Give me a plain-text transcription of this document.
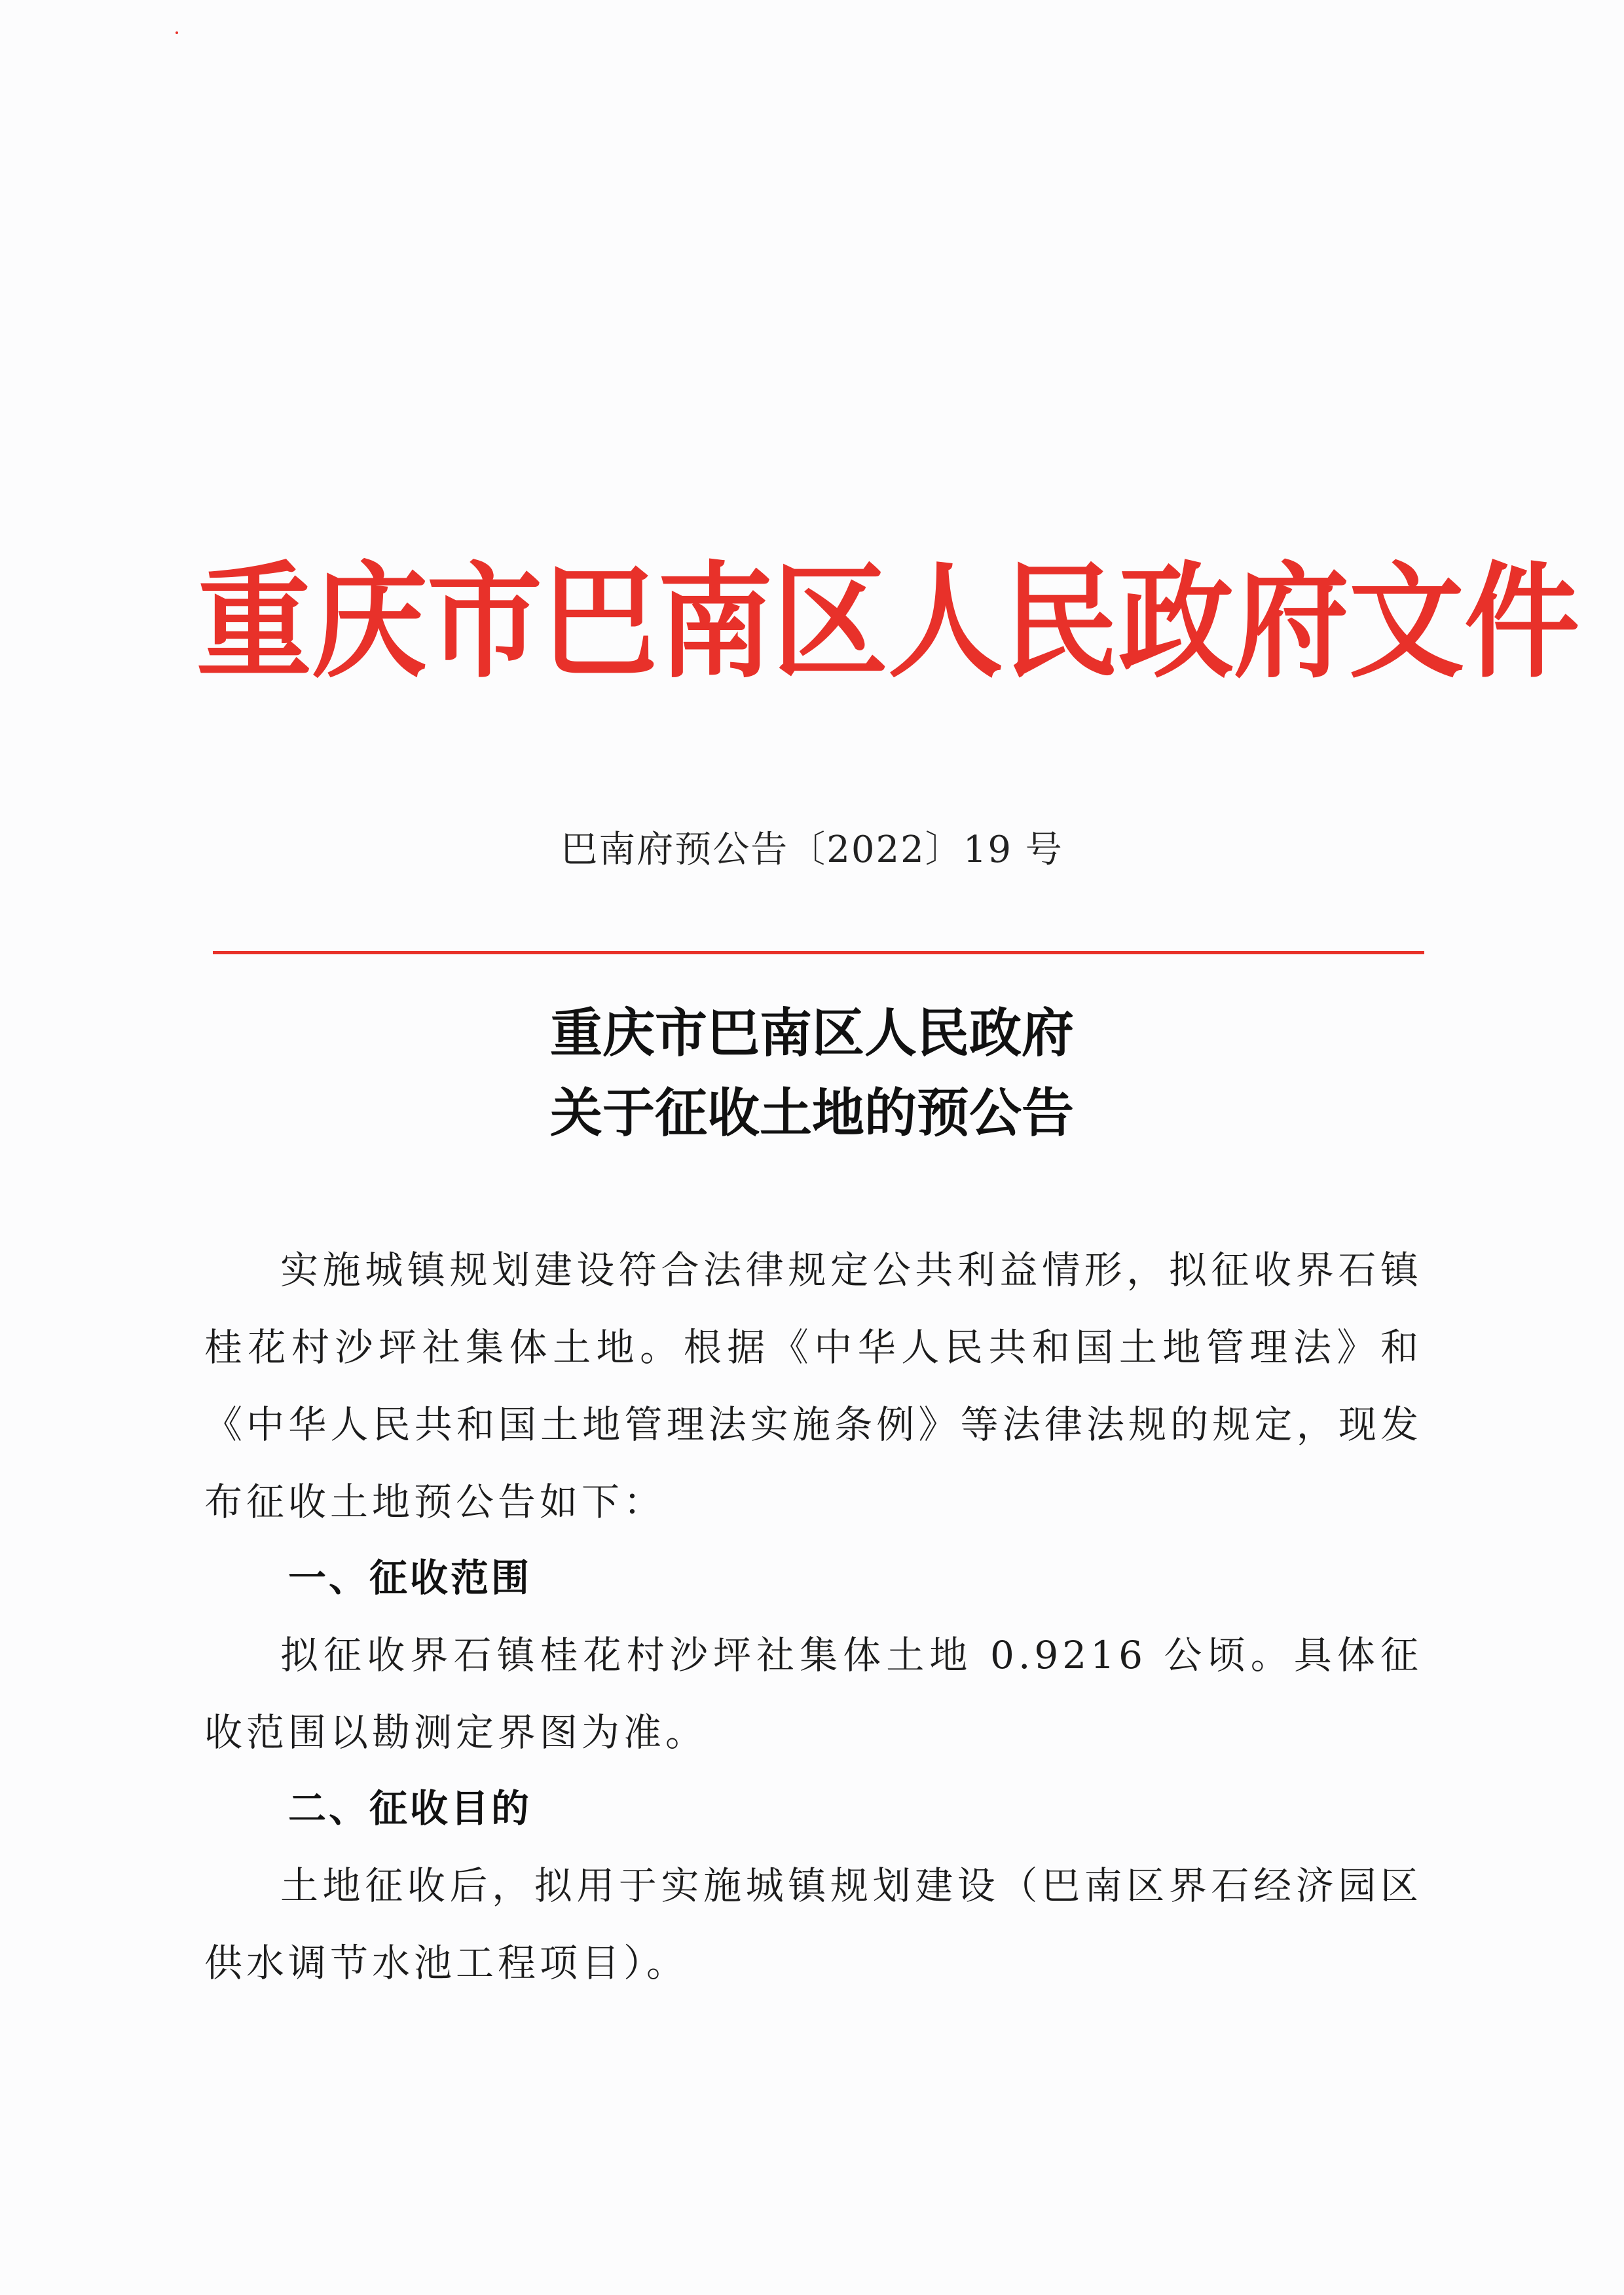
重庆市巴南区人民政府文件
巴南府预公告〔2022〕19 号
重庆市巴南区人民政府
关于征收土地的预公告

实施城镇规划建设符合法律规定公共利益情形，拟征收界石镇桂花村沙坪社集体土地。根据《中华人民共和国土地管理法》和《中华人民共和国土地管理法实施条例》等法律法规的规定，现发布征收土地预公告如下：

一、征收范围

拟征收界石镇桂花村沙坪社集体土地 0.9216 公顷。具体征收范围以勘测定界图为准。

二、征收目的

土地征收后，拟用于实施城镇规划建设（巴南区界石经济园区供水调节水池工程项目）。
